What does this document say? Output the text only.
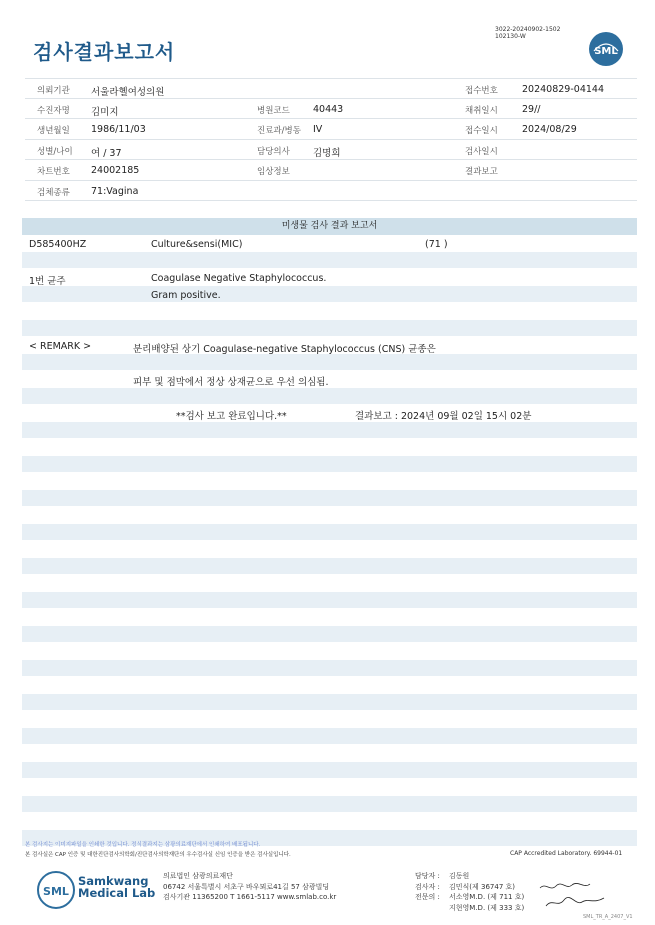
검사결과보고서
3022-20240902-1502
102130-W
SML
의뢰기관 서울라헬여성의원	접수번호	20240829-04144
수진자명 김미지	병원코드 40443	채취일시	29//
생년월일 1986/11/03	진료과/병동 IV	접수일시	2024/08/29
성별/나이 여 / 37	담당의사 김명희	검사일시
차트번호 24002185	임상정보	결과보고
검체종류 71:Vagina
미생물 검사 결과 보고서
D585400HZ	Culture&sensi(MIC)	(71 )
1번 균주	Coagulase Negative Staphylococcus.
Gram positive.
< REMARK >	분리배양된 상기 Coagulase-negative Staphylococcus (CNS) 균종은
피부 및 점막에서 정상 상재균으로 우선 의심됨.
**검사 보고 완료입니다.**	결과보고 : 2024년 09월 02일 15시 02분
본 검사지는 이미지파일을 인쇄한 것입니다. 정식결과지는 삼광의료재단에서 인쇄하여 배포됩니다.
본 검사실은 CAP 인증 및 대한진단검사의학회/진단검사의학재단의 우수검사실 신임 인증을 받은 검사실입니다.	CAP Accredited Laboratory. 69944-01
SML
Samkwang
Medical Lab
의료법인 삼광의료재단
06742 서울특별시 서초구 바우뫼로41길 57 삼광빌딩
검사기관 11365200 T 1661-5117 www.smlab.co.kr
담당자 :	김동원
검사자 :	김민식(제 36747 호)
전문의 :	서소영M.D. (제 711 호)
지현영M.D. (제 333 호)
SML_TR_A_2407_V1
